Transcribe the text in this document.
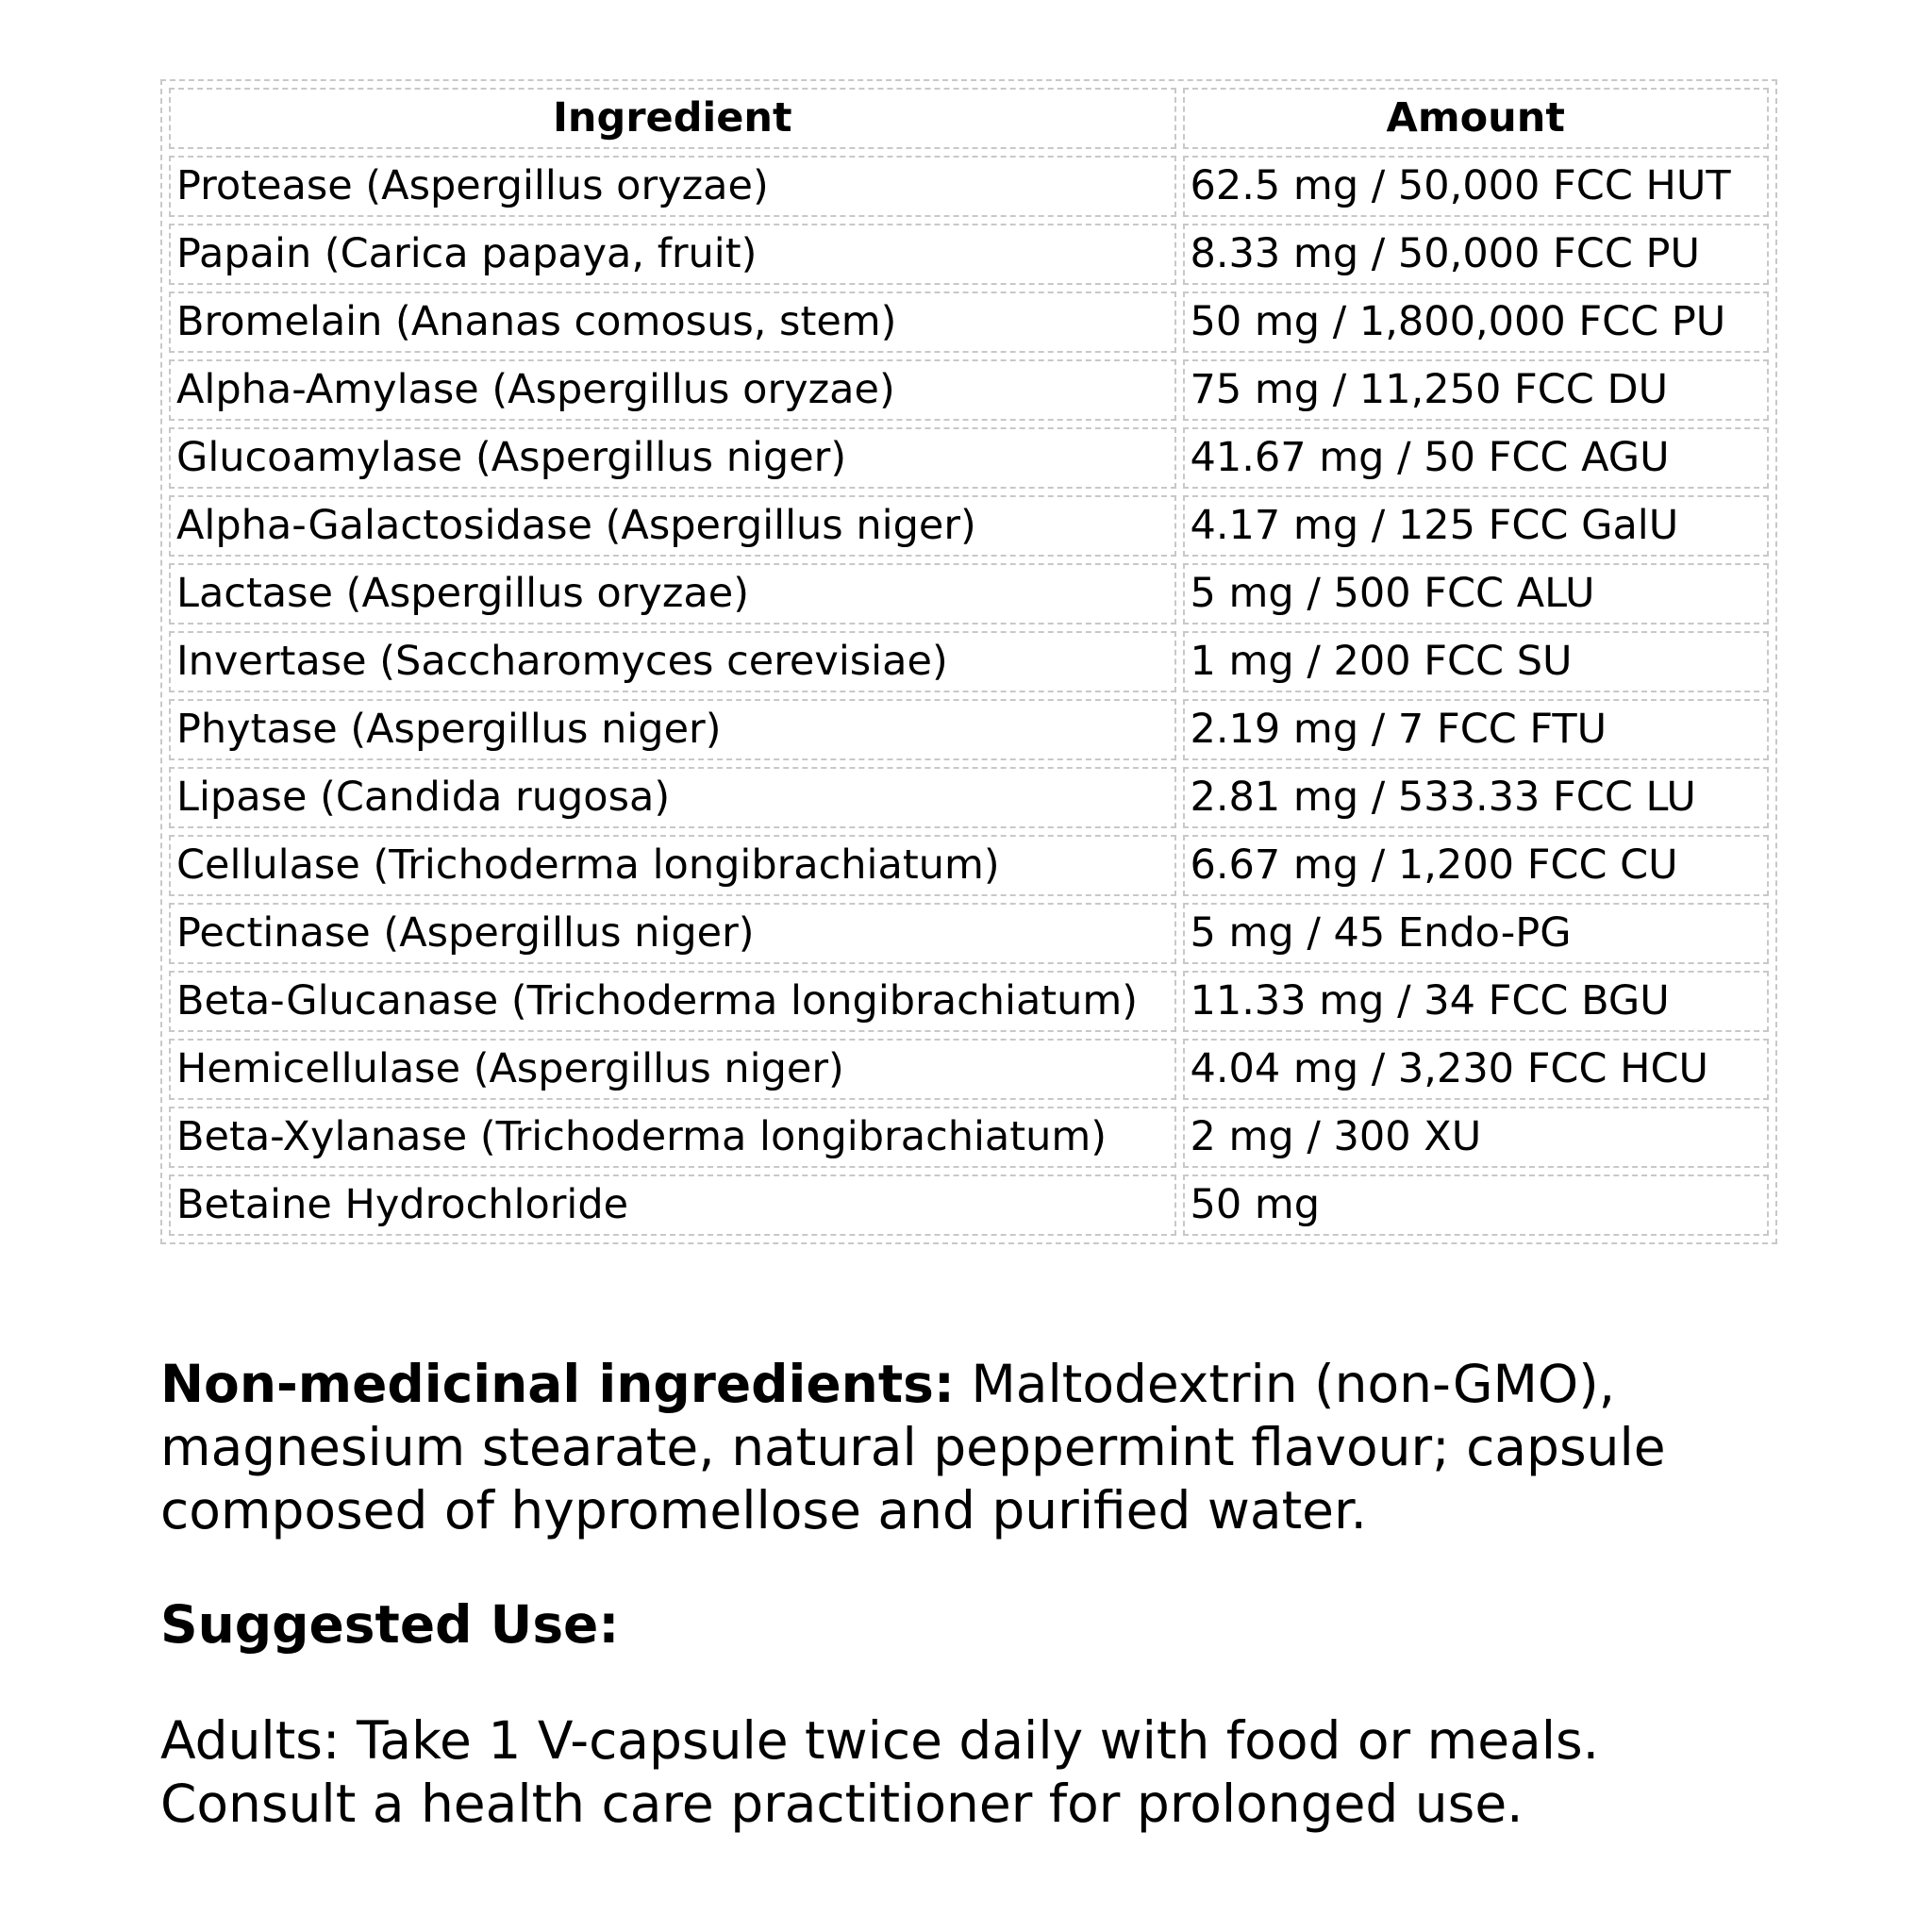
Ingredient	Amount
Protease (Aspergillus oryzae)	62.5 mg / 50,000 FCC HUT
Papain (Carica papaya, fruit)	8.33 mg / 50,000 FCC PU
Bromelain (Ananas comosus, stem)	50 mg / 1,800,000 FCC PU
Alpha-Amylase (Aspergillus oryzae)	75 mg / 11,250 FCC DU
Glucoamylase (Aspergillus niger)	41.67 mg / 50 FCC AGU
Alpha-Galactosidase (Aspergillus niger)	4.17 mg / 125 FCC GalU
Lactase (Aspergillus oryzae)	5 mg / 500 FCC ALU
Invertase (Saccharomyces cerevisiae)	1 mg / 200 FCC SU
Phytase (Aspergillus niger)	2.19 mg / 7 FCC FTU
Lipase (Candida rugosa)	2.81 mg / 533.33 FCC LU
Cellulase (Trichoderma longibrachiatum)	6.67 mg / 1,200 FCC CU
Pectinase (Aspergillus niger)	5 mg / 45 Endo-PG
Beta-Glucanase (Trichoderma longibrachiatum)	11.33 mg / 34 FCC BGU
Hemicellulase (Aspergillus niger)	4.04 mg / 3,230 FCC HCU
Beta-Xylanase (Trichoderma longibrachiatum)	2 mg / 300 XU
Betaine Hydrochloride	50 mg

Non-medicinal ingredients: Maltodextrin (non-GMO), magnesium stearate, natural peppermint flavour; capsule composed of hypromellose and purified water.

Suggested Use:

Adults: Take 1 V-capsule twice daily with food or meals.
Consult a health care practitioner for prolonged use.
